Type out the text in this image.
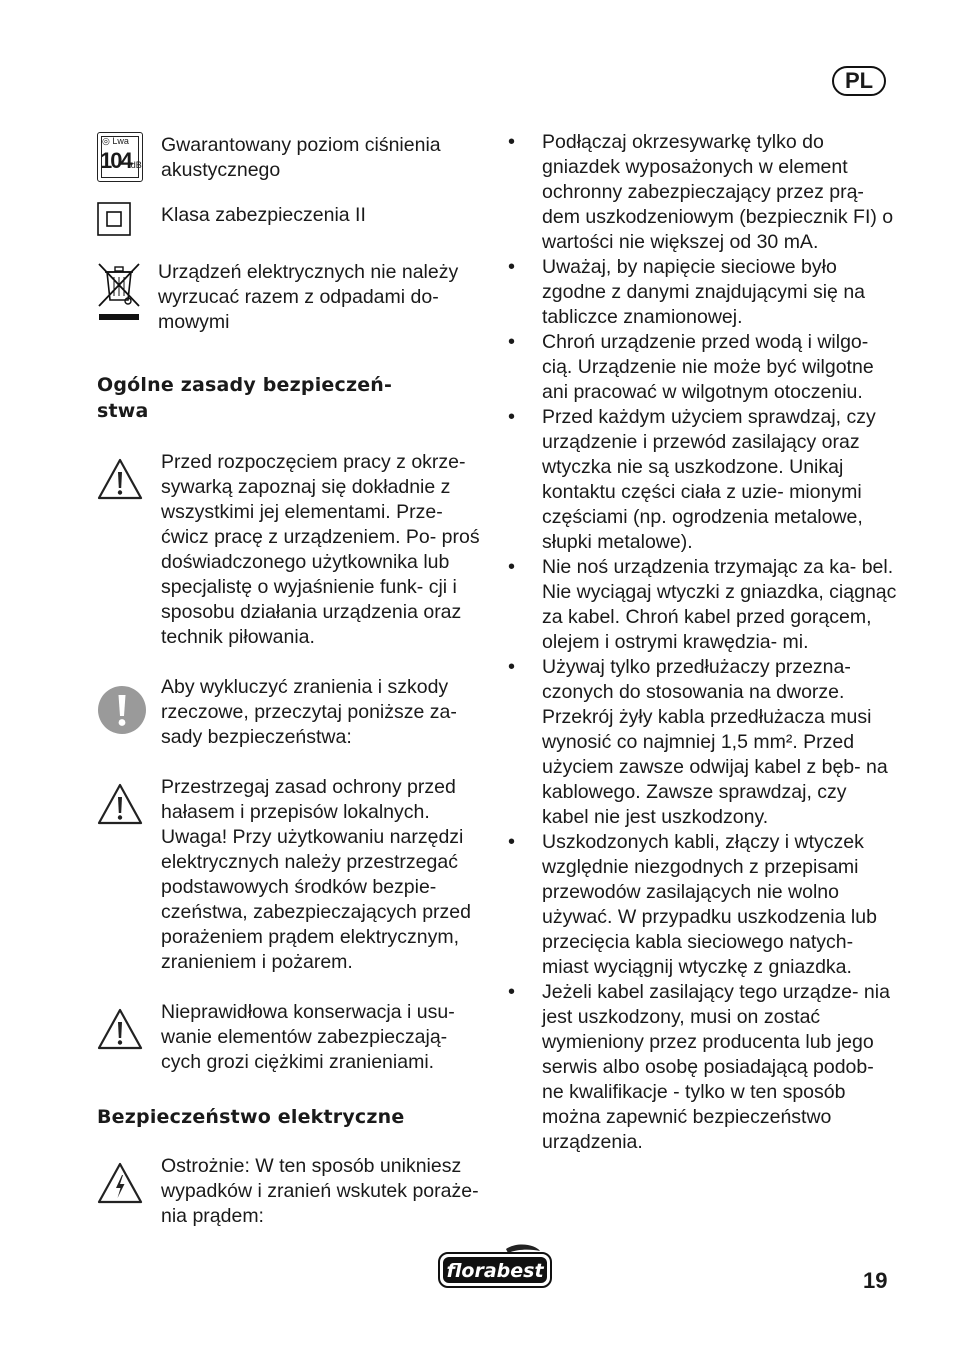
PL
◎ Lwa
104dB
Gwarantowany poziom ciśnienia akustycznego
Klasa zabezpieczenia II
Urządzeń elektrycznych nie należy wyrzucać razem z odpadami do- mowymi
Ogólne zasady bezpieczeń- stwa
Przed rozpoczęciem pracy z okrze- sywarką zapoznaj się dokładnie z wszystkimi jej elementami. Prze- ćwicz pracę z urządzeniem. Po- proś doświadczonego użytkownika lub specjalistę o wyjaśnienie funk- cji i sposobu działania urządzenia oraz technik piłowania.
Aby wykluczyć zranienia i szkody rzeczowe, przeczytaj poniższe za- sady bezpieczeństwa:
Przestrzegaj zasad ochrony przed hałasem i przepisów lokalnych. Uwaga! Przy użytkowaniu narzędzi elektrycznych należy przestrzegać podstawowych środków bezpie- czeństwa, zabezpieczających przed porażeniem prądem elektrycznym, zranieniem i pożarem.
Nieprawidłowa konserwacja i usu- wanie elementów zabezpieczają- cych grozi ciężkimi zranieniami.
Bezpieczeństwo elektryczne
Ostrożnie: W ten sposób unikniesz wypadków i zranień wskutek poraże- nia prądem:
• Podłączaj okrzesywarkę tylko do gniazdek wyposażonych w element ochronny zabezpieczający przez prą- dem uszkodzeniowym (bezpiecznik FI) o wartości nie większej od 30 mA.
• Uważaj, by napięcie sieciowe było zgodne z danymi znajdującymi się na tabliczce znamionowej.
• Chroń urządzenie przed wodą i wilgo- cią. Urządzenie nie może być wilgotne ani pracować w wilgotnym otoczeniu.
• Przed każdym użyciem sprawdzaj, czy urządzenie i przewód zasilający oraz wtyczka nie są uszkodzone. Unikaj kontaktu części ciała z uzie- mionymi częściami (np. ogrodzenia metalowe, słupki metalowe).
• Nie noś urządzenia trzymając za ka- bel. Nie wyciągaj wtyczki z gniazdka, ciągnąc za kabel. Chroń kabel przed gorącem, olejem i ostrymi krawędzia- mi.
• Używaj tylko przedłużaczy przezna- czonych do stosowania na dworze. Przekrój żyły kabla przedłużacza musi wynosić co najmniej 1,5 mm². Przed użyciem zawsze odwijaj kabel z bęb- na kablowego. Zawsze sprawdzaj, czy kabel nie jest uszkodzony.
• Uszkodzonych kabli, złączy i wtyczek względnie niezgodnych z przepisami przewodów zasilających nie wolno używać. W przypadku uszkodzenia lub przecięcia kabla sieciowego natych- miast wyciągnij wtyczkę z gniazdka.
• Jeżeli kabel zasilający tego urządze- nia jest uszkodzony, musi on zostać wymieniony przez producenta lub jego serwis albo osobę posiadającą podob- ne kwalifikacje - tylko w ten sposób można zapewnić bezpieczeństwo urządzenia.
florabest	19
